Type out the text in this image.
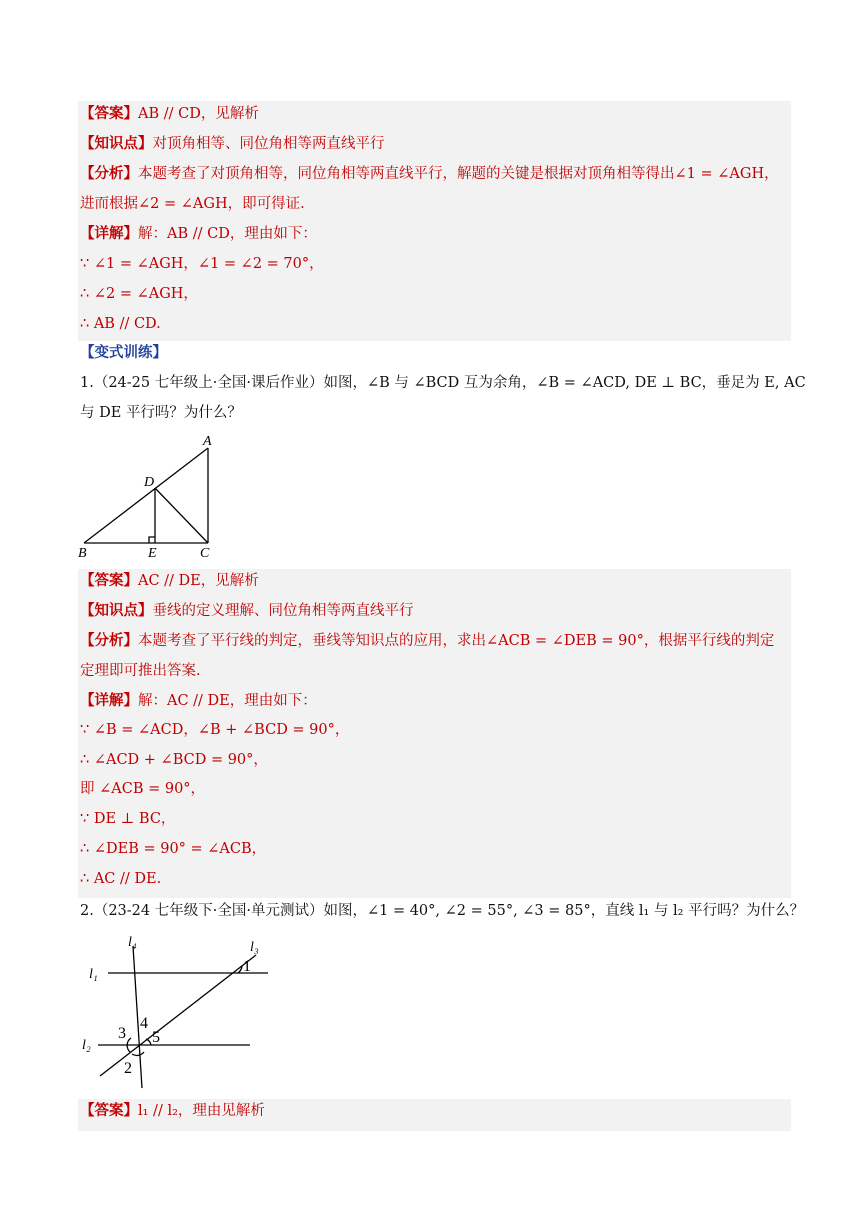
【答案】AB // CD，见解析
【知识点】对顶角相等、同位角相等两直线平行
【分析】本题考查了对顶角相等，同位角相等两直线平行，解题的关键是根据对顶角相等得出∠1 = ∠AGH，
进而根据∠2 = ∠AGH，即可得证.
【详解】解：AB // CD，理由如下：
∵ ∠1 = ∠AGH，∠1 = ∠2 = 70°，
∴ ∠2 = ∠AGH，
∴ AB // CD.
【变式训练】
1.（24-25 七年级上·全国·课后作业）如图，∠B 与 ∠BCD 互为余角，∠B = ∠ACD, DE ⊥ BC，垂足为 E, AC
与 DE 平行吗？为什么？
A
B	C
D
E
【答案】AC // DE，见解析
【知识点】垂线的定义理解、同位角相等两直线平行
【分析】本题考查了平行线的判定，垂线等知识点的应用，求出∠ACB = ∠DEB = 90°，根据平行线的判定
定理即可推出答案.
【详解】解：AC // DE，理由如下：
∵ ∠B = ∠ACD，∠B + ∠BCD = 90°，
∴ ∠ACD + ∠BCD = 90°，
即 ∠ACB = 90°，
∵ DE ⊥ BC，
∴ ∠DEB = 90° = ∠ACB，
∴ AC // DE.
2.（23-24 七年级下·全国·单元测试）如图，∠1 = 40°, ∠2 = 55°, ∠3 = 85°，直线 l₁ 与 l₂ 平行吗？为什么？
l₄	l₃
l₁
l₂
1
2
3
4
5
【答案】l₁ // l₂，理由见解析
